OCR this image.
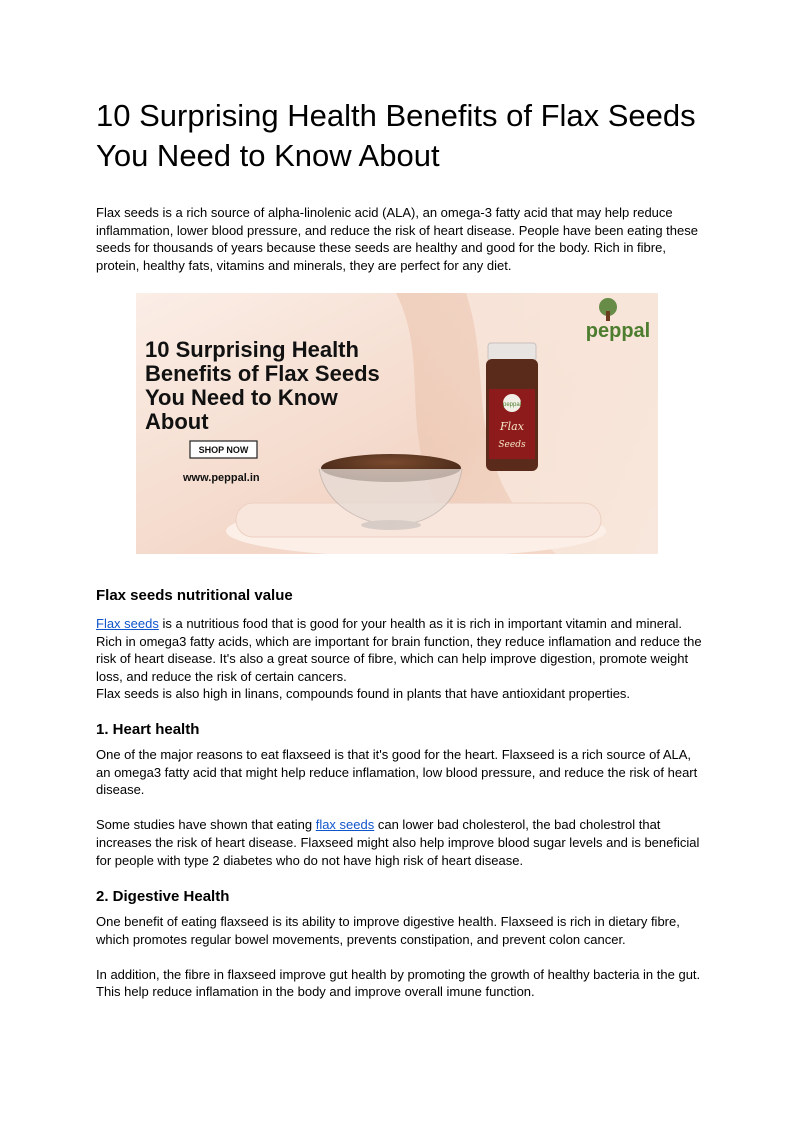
10 Surprising Health Benefits of Flax Seeds You Need to Know About

Flax seeds is a rich source of alpha-linolenic acid (ALA), an omega-3 fatty acid that may help reduce inflammation, lower blood pressure, and reduce the risk of heart disease. People have been eating these seeds for thousands of years because these seeds are healthy and good for the body. Rich in fibre, protein, healthy fats, vitamins and minerals, they are perfect for any diet.

peppal
Flax
Seeds
peppal
10 Surprising Health
Benefits of Flax Seeds
You Need to Know
About
SHOP NOW
www.peppal.in
Flax seeds nutritional value

Flax seeds is a nutritious food that is good for your health as it is rich in important vitamin and mineral. Rich in omega3 fatty acids, which are important for brain function, they reduce inflamation and reduce the risk of heart disease. It's also a great source of fibre, which can help improve digestion, promote weight loss, and reduce the risk of certain cancers.

Flax seeds is also high in linans, compounds found in plants that have antioxidant properties.

1. Heart health

One of the major reasons to eat flaxseed is that it's good for the heart. Flaxseed is a rich source of ALA, an omega3 fatty acid that might help reduce inflamation, low blood pressure, and reduce the risk of heart disease.

Some studies have shown that eating flax seeds can lower bad cholesterol, the bad cholestrol that increases the risk of heart disease. Flaxseed might also help improve blood sugar levels and is beneficial for people with type 2 diabetes who do not have high risk of heart disease.

2. Digestive Health

One benefit of eating flaxseed is its ability to improve digestive health. Flaxseed is rich in dietary fibre, which promotes regular bowel movements, prevents constipation, and prevent colon cancer.

In addition, the fibre in flaxseed improve gut health by promoting the growth of healthy bacteria in the gut. This help reduce inflamation in the body and improve overall imune function.
